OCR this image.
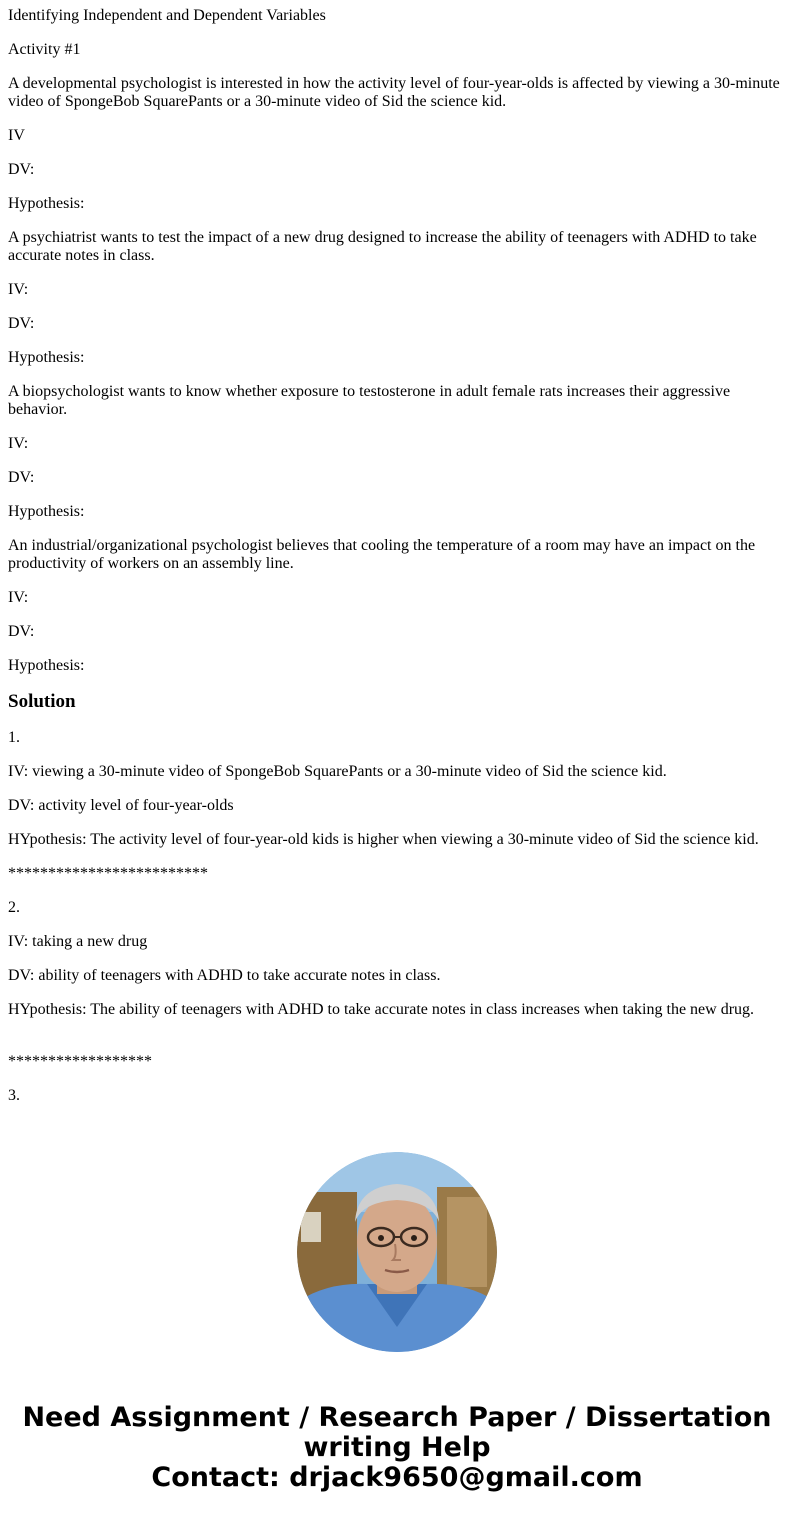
Identifying Independent and Dependent Variables

Activity #1

A developmental psychologist is interested in how the activity level of four-year-olds is affected by viewing a 30-minute video of SpongeBob SquarePants or a 30-minute video of Sid the science kid.

IV

DV:

Hypothesis:

A psychiatrist wants to test the impact of a new drug designed to increase the ability of teenagers with ADHD to take accurate notes in class.

IV:

DV:

Hypothesis:

A biopsychologist wants to know whether exposure to testosterone in adult female rats increases their aggressive behavior.

IV:

DV:

Hypothesis:

An industrial/organizational psychologist believes that cooling the temperature of a room may have an impact on the productivity of workers on an assembly line.

IV:

DV:

Hypothesis:

Solution

1.

IV: viewing a 30-minute video of SpongeBob SquarePants or a 30-minute video of Sid the science kid.

DV: activity level of four-year-olds

HYpothesis: The activity level of four-year-old kids is higher when viewing a 30-minute video of Sid the science kid.

*************************

2.

IV: taking a new drug

DV: ability of teenagers with ADHD to take accurate notes in class.

HYpothesis: The ability of teenagers with ADHD to take accurate notes in class increases when taking the new drug.

******************

3.

Need Assignment / Research Paper / Dissertation
writing Help
Contact: drjack9650@gmail.com
